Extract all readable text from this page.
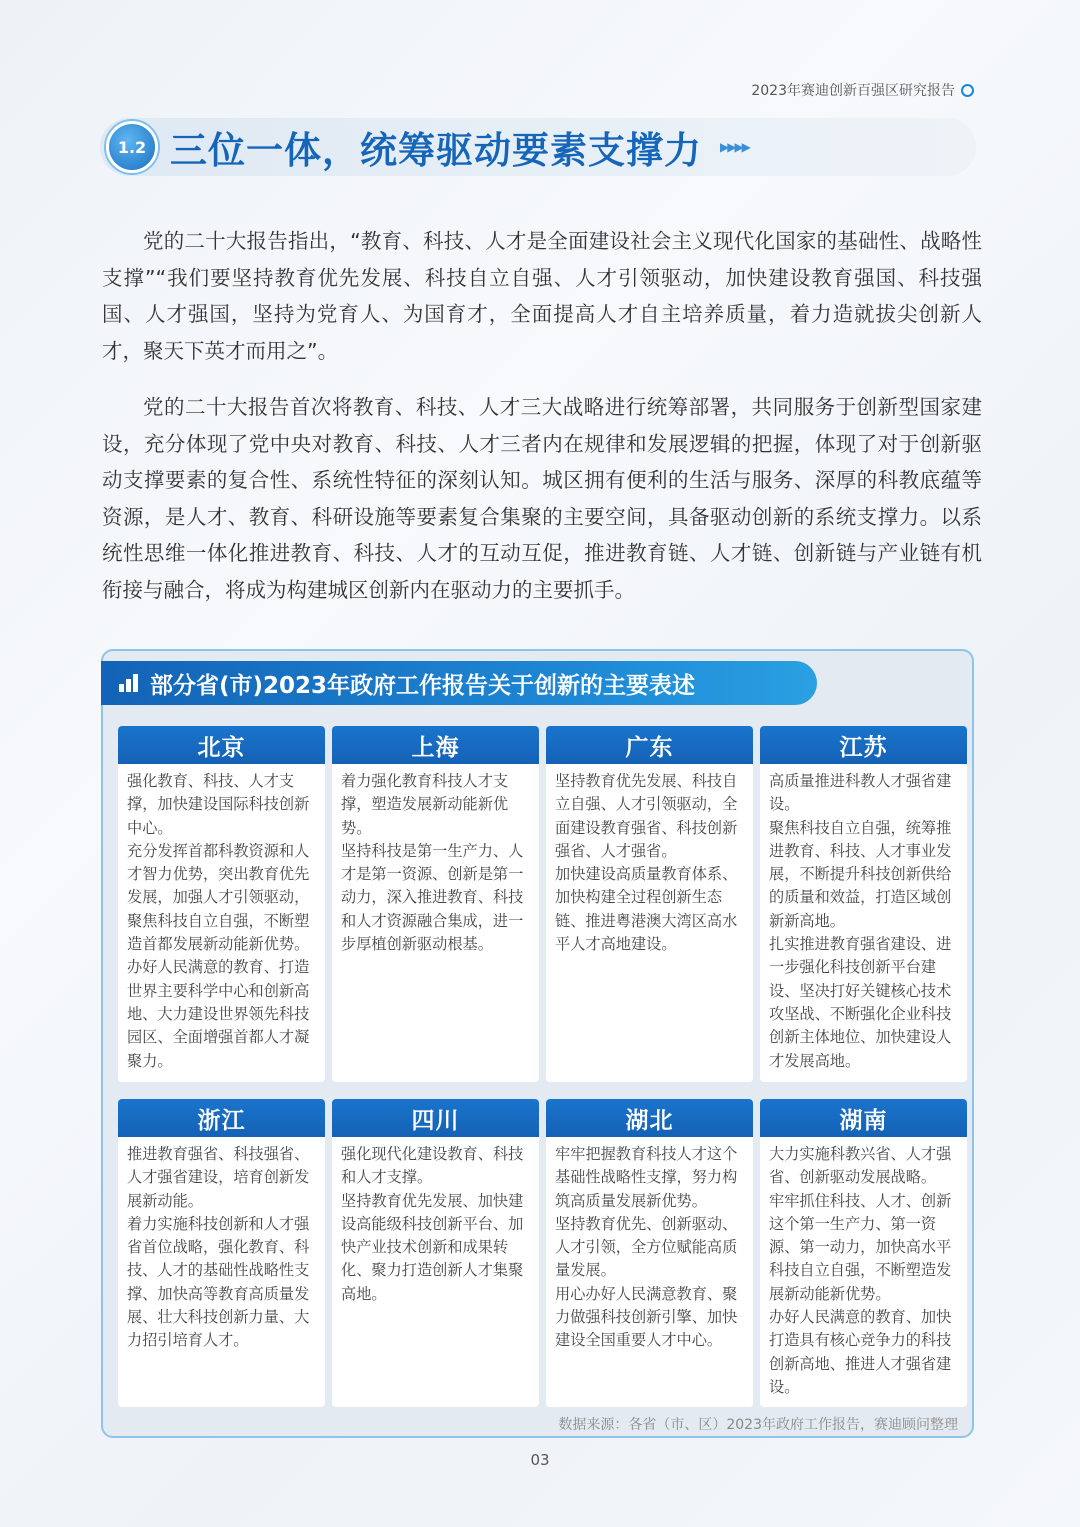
2023年赛迪创新百强区研究报告
1.2 三位一体，统筹驱动要素支撑力 ▶▶▶▶

党的二十大报告指出，“教育、科技、人才是全面建设社会主义现代化国家的基础性、战略性支撑”“我们要坚持教育优先发展、科技自立自强、人才引领驱动，加快建设教育强国、科技强国、人才强国，坚持为党育人、为国育才，全面提高人才自主培养质量，着力造就拔尖创新人才，聚天下英才而用之”。

党的二十大报告首次将教育、科技、人才三大战略进行统筹部署，共同服务于创新型国家建设，充分体现了党中央对教育、科技、人才三者内在规律和发展逻辑的把握，体现了对于创新驱动支撑要素的复合性、系统性特征的深刻认知。城区拥有便利的生活与服务、深厚的科教底蕴等资源，是人才、教育、科研设施等要素复合集聚的主要空间，具备驱动创新的系统支撑力。以系统性思维一体化推进教育、科技、人才的互动互促，推进教育链、人才链、创新链与产业链有机衔接与融合，将成为构建城区创新内在驱动力的主要抓手。

部分省(市)2023年政府工作报告关于创新的主要表述
北京

强化教育、科技、人才支撑，加快建设国际科技创新中心。

充分发挥首都科教资源和人才智力优势，突出教育优先发展，加强人才引领驱动，聚焦科技自立自强，不断塑造首都发展新动能新优势。

办好人民满意的教育、打造世界主要科学中心和创新高地、大力建设世界领先科技园区、全面增强首都人才凝聚力。

上海

着力强化教育科技人才支撑，塑造发展新动能新优势。

坚持科技是第一生产力、人才是第一资源、创新是第一动力，深入推进教育、科技和人才资源融合集成，进一步厚植创新驱动根基。

广东

坚持教育优先发展、科技自立自强、人才引领驱动，全面建设教育强省、科技创新强省、人才强省。

加快建设高质量教育体系、加快构建全过程创新生态链、推进粤港澳大湾区高水平人才高地建设。

江苏

高质量推进科教人才强省建设。

聚焦科技自立自强，统筹推进教育、科技、人才事业发展，不断提升科技创新供给的质量和效益，打造区域创新新高地。

扎实推进教育强省建设、进一步强化科技创新平台建设、坚决打好关键核心技术攻坚战、不断强化企业科技创新主体地位、加快建设人才发展高地。

浙江

推进教育强省、科技强省、人才强省建设，培育创新发展新动能。

着力实施科技创新和人才强省首位战略，强化教育、科技、人才的基础性战略性支撑、加快高等教育高质量发展、壮大科技创新力量、大力招引培育人才。

四川

强化现代化建设教育、科技和人才支撑。

坚持教育优先发展、加快建设高能级科技创新平台、加快产业技术创新和成果转化、聚力打造创新人才集聚高地。

湖北

牢牢把握教育科技人才这个基础性战略性支撑，努力构筑高质量发展新优势。

坚持教育优先、创新驱动、人才引领，全方位赋能高质量发展。

用心办好人民满意教育、聚力做强科技创新引擎、加快建设全国重要人才中心。

湖南

大力实施科教兴省、人才强省、创新驱动发展战略。

牢牢抓住科技、人才、创新这个第一生产力、第一资源、第一动力，加快高水平科技自立自强，不断塑造发展新动能新优势。

办好人民满意的教育、加快打造具有核心竞争力的科技创新高地、推进人才强省建设。

数据来源：各省（市、区）2023年政府工作报告，赛迪顾问整理
03
